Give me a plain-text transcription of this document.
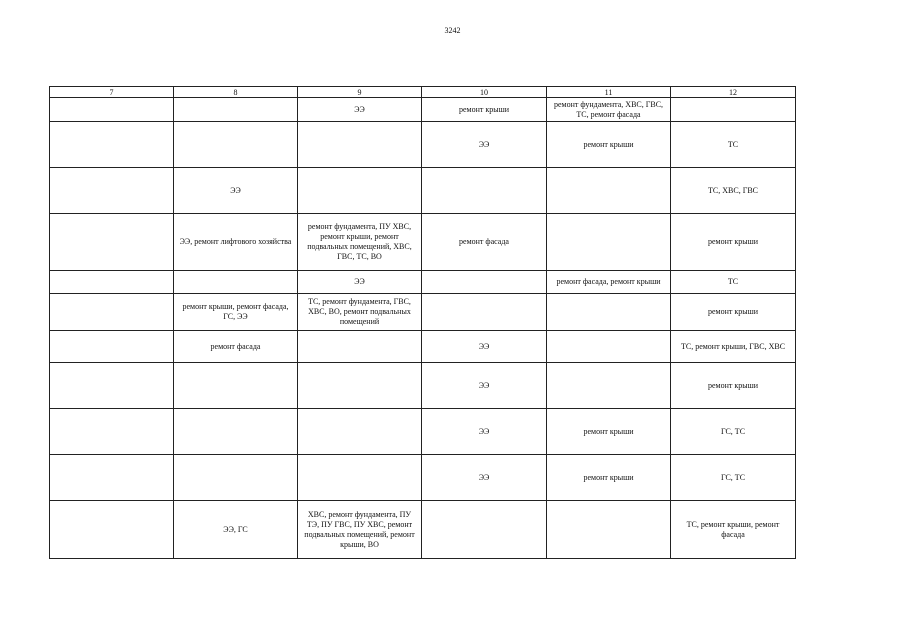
3242
7	8	9	10	11	12
		ЭЭ	ремонт крыши	ремонт фундамента, ХВС, ГВС, ТС, ремонт фасада	
			ЭЭ	ремонт крыши	ТС
	ЭЭ				ТС, ХВС, ГВС
	ЭЭ, ремонт лифтового хозяйства	ремонт фундамента, ПУ ХВС, ремонт крыши, ремонт подвальных помещений, ХВС, ГВС, ТС, ВО	ремонт фасада		ремонт крыши
		ЭЭ		ремонт фасада, ремонт крыши	ТС
	ремонт крыши, ремонт фасада, ГС, ЭЭ	ТС, ремонт фундамента, ГВС, ХВС, ВО, ремонт подвальных помещений			ремонт крыши
	ремонт фасада		ЭЭ		ТС, ремонт крыши, ГВС, ХВС
			ЭЭ		ремонт крыши
			ЭЭ	ремонт крыши	ГС, ТС
			ЭЭ	ремонт крыши	ГС, ТС
	ЭЭ, ГС	ХВС, ремонт фундамента, ПУ ТЭ, ПУ ГВС, ПУ ХВС, ремонт подвальных помещений, ремонт крыши, ВО			ТС, ремонт крыши, ремонт фасада
